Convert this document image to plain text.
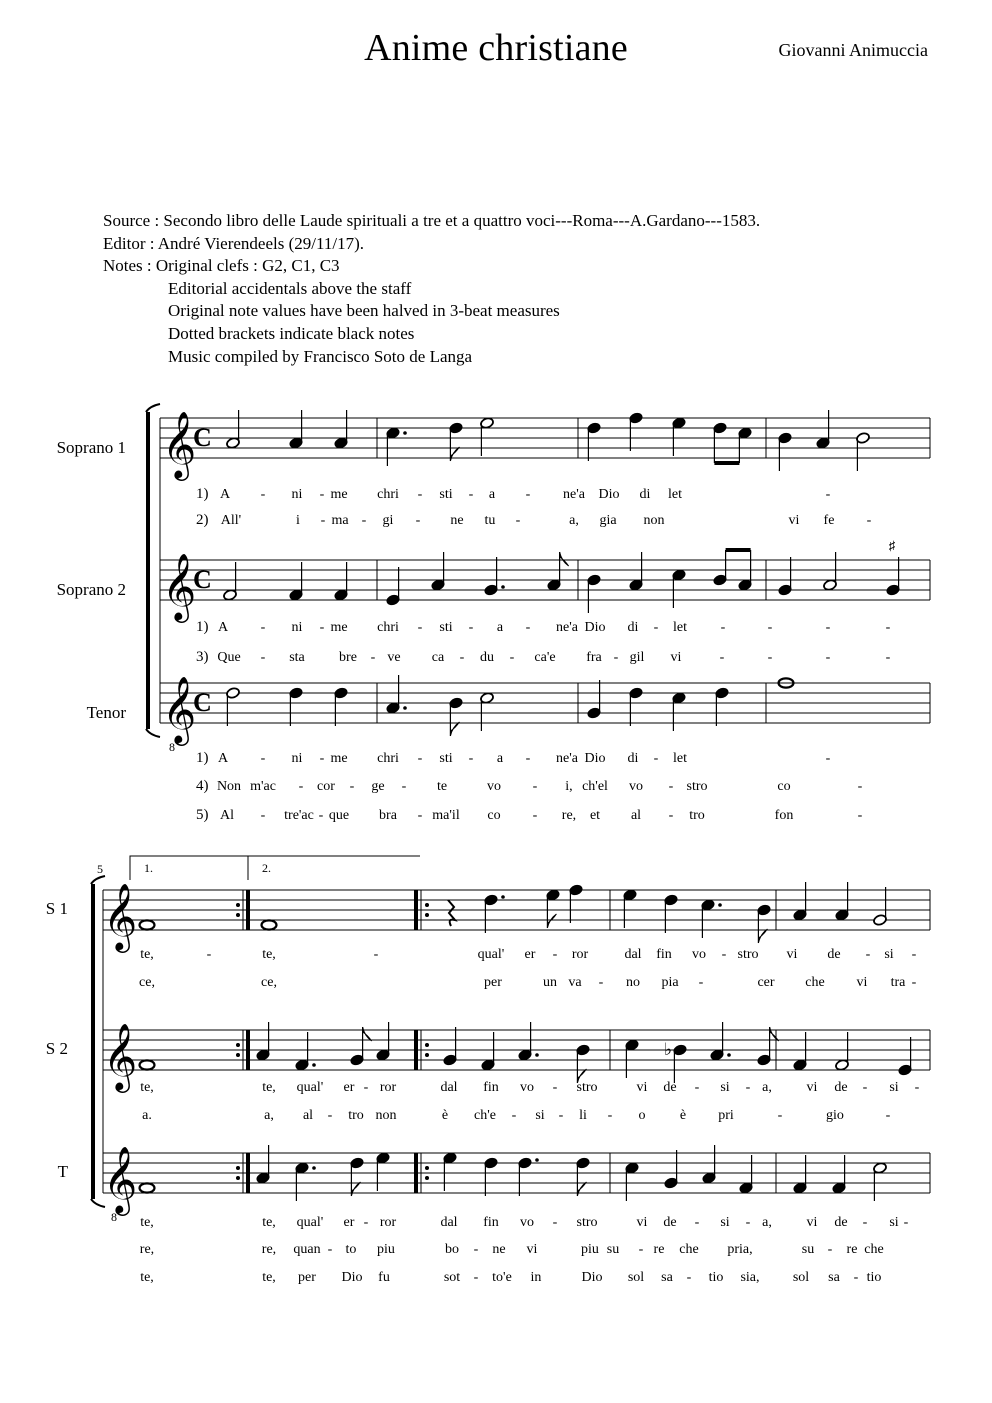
Anime christiane	Giovanni Animuccia
Source : Secondo libro delle Laude spirituali a tre et a quattro voci---Roma---A.Gardano---1583.
Editor : André Vierendeels (29/11/17).
Notes : Original clefs : G2, C1, C3
Editorial accidentals above the staff
Original note values have been halved in 3-beat measures
Dotted brackets indicate black notes
Music compiled by Francisco Soto de Langa
𝄞
C
𝄞
C
𝄞
C
8
Soprano 1
Soprano 2
Tenor
♯
1) A - ni - me chri - sti - a - ne'a Dio di let	-
2) All'	i - ma - gi - ne tu -	a, gia non	vi fe -
1) A - ni - me chri - sti - a - ne'a Dio di - let -	-	-	-
3) Que - sta bre - ve ca - du - ca'e fra - gil vi	-	-	-	-
1) A - ni - me chri - sti - a - ne'a Dio di - let	-
4) Non m'ac - cor - ge - te	vo - i, ch'el vo - stro	co	-
5) Al - tre'ac - que bra - ma'il co - re, et al - tro	fon	-
𝄞
𝄞
𝄞
8
S 1
S 2
T
5	1.	2.
♭
te,	-	te,	-	qual' er - ror	dal fin vo - stro vi de - si -
ce,	ce,	per	un va - no pia -	cer che vi tra -
te,	te, qual' er - ror	dal fin vo - stro	vi de - si - a, vi de - si -
a.	a, al - tro non	è ch'e - si - li - o è pri	-	gio	-
te,	te, qual' er - ror	dal fin vo - stro	vi de - si - a, vi de - si -
re,	re, quan - to piu	bo - ne vi	piu su - re che pria,	su - re che
te,	te, per Dio fu	sot - to'e in	Dio sol sa - tio sia, sol sa - tio
